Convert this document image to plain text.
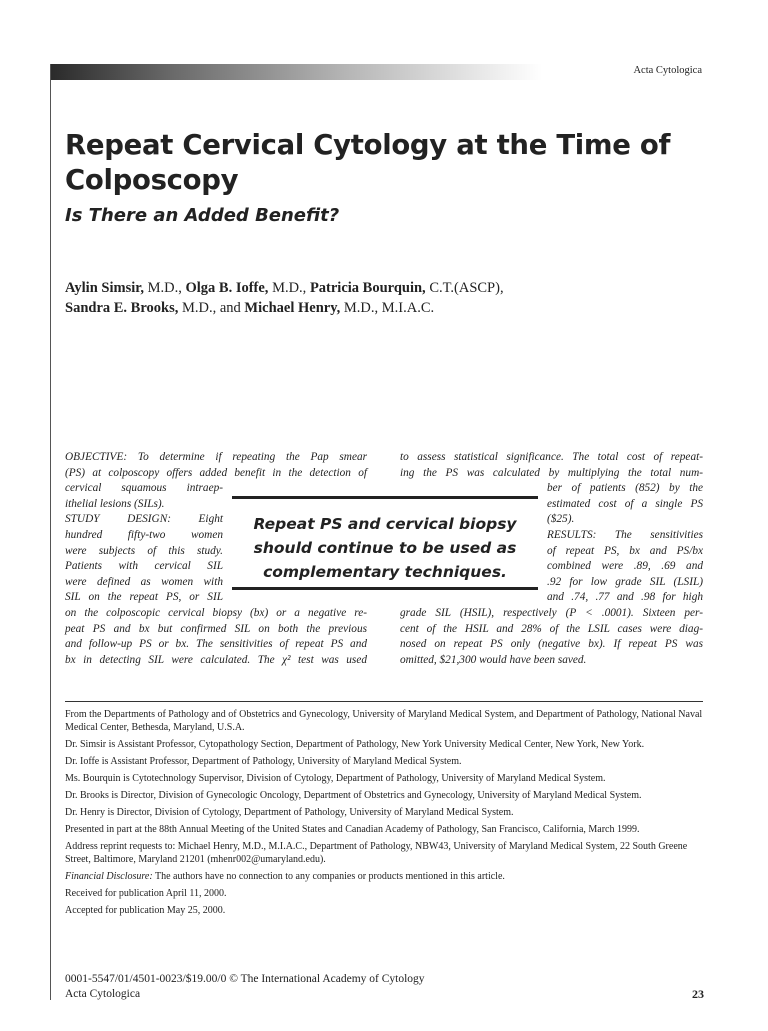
Acta Cytologica
Repeat Cervical Cytology at the Time of Colposcopy
Is There an Added Benefit?
Aylin Simsir, M.D., Olga B. Ioffe, M.D., Patricia Bourquin, C.T.(ASCP),
Sandra E. Brooks, M.D., and Michael Henry, M.D., M.I.A.C.
OBJECTIVE: To determine if repeating the Pap smear
(PS) at colposcopy offers added benefit in the detection of
cervical squamous intraep-
ithelial lesions (SILs).
STUDY DESIGN: Eight
hundred fifty-two women
were subjects of this study.
Patients with cervical SIL
were defined as women with
SIL on the repeat PS, or SIL
on the colposcopic cervical biopsy (bx) or a negative re-
peat PS and bx but confirmed SIL on both the previous
and follow-up PS or bx. The sensitivities of repeat PS and
bx in detecting SIL were calculated. The χ² test was used
to assess statistical significance. The total cost of repeat-
ing the PS was calculated by multiplying the total num-
ber of patients (852) by the
estimated cost of a single PS
($25).
RESULTS: The sensitivities
of repeat PS, bx and PS/bx
combined were .89, .69 and
.92 for low grade SIL (LSIL)
and .74, .77 and .98 for high
grade SIL (HSIL), respectively (P < .0001). Sixteen per-
cent of the HSIL and 28% of the LSIL cases were diag-
nosed on repeat PS only (negative bx). If repeat PS was
omitted, $21,300 would have been saved.
Repeat PS and cervical biopsy
should continue to be used as
complementary techniques.

From the Departments of Pathology and of Obstetrics and Gynecology, University of Maryland Medical System, and Department of Pathology, National Naval Medical Center, Bethesda, Maryland, U.S.A.

Dr. Simsir is Assistant Professor, Cytopathology Section, Department of Pathology, New York University Medical Center, New York, New York.

Dr. Ioffe is Assistant Professor, Department of Pathology, University of Maryland Medical System.

Ms. Bourquin is Cytotechnology Supervisor, Division of Cytology, Department of Pathology, University of Maryland Medical System.

Dr. Brooks is Director, Division of Gynecologic Oncology, Department of Obstetrics and Gynecology, University of Maryland Medical System.

Dr. Henry is Director, Division of Cytology, Department of Pathology, University of Maryland Medical System.

Presented in part at the 88th Annual Meeting of the United States and Canadian Academy of Pathology, San Francisco, California, March 1999.

Address reprint requests to: Michael Henry, M.D., M.I.A.C., Department of Pathology, NBW43, University of Maryland Medical System, 22 South Greene Street, Baltimore, Maryland 21201 (mhenr002@umaryland.edu).

Financial Disclosure: The authors have no connection to any companies or products mentioned in this article.

Received for publication April 11, 2000.

Accepted for publication May 25, 2000.

0001-5547/01/4501-0023/$19.00/0 © The International Academy of Cytology
Acta Cytologica	23
